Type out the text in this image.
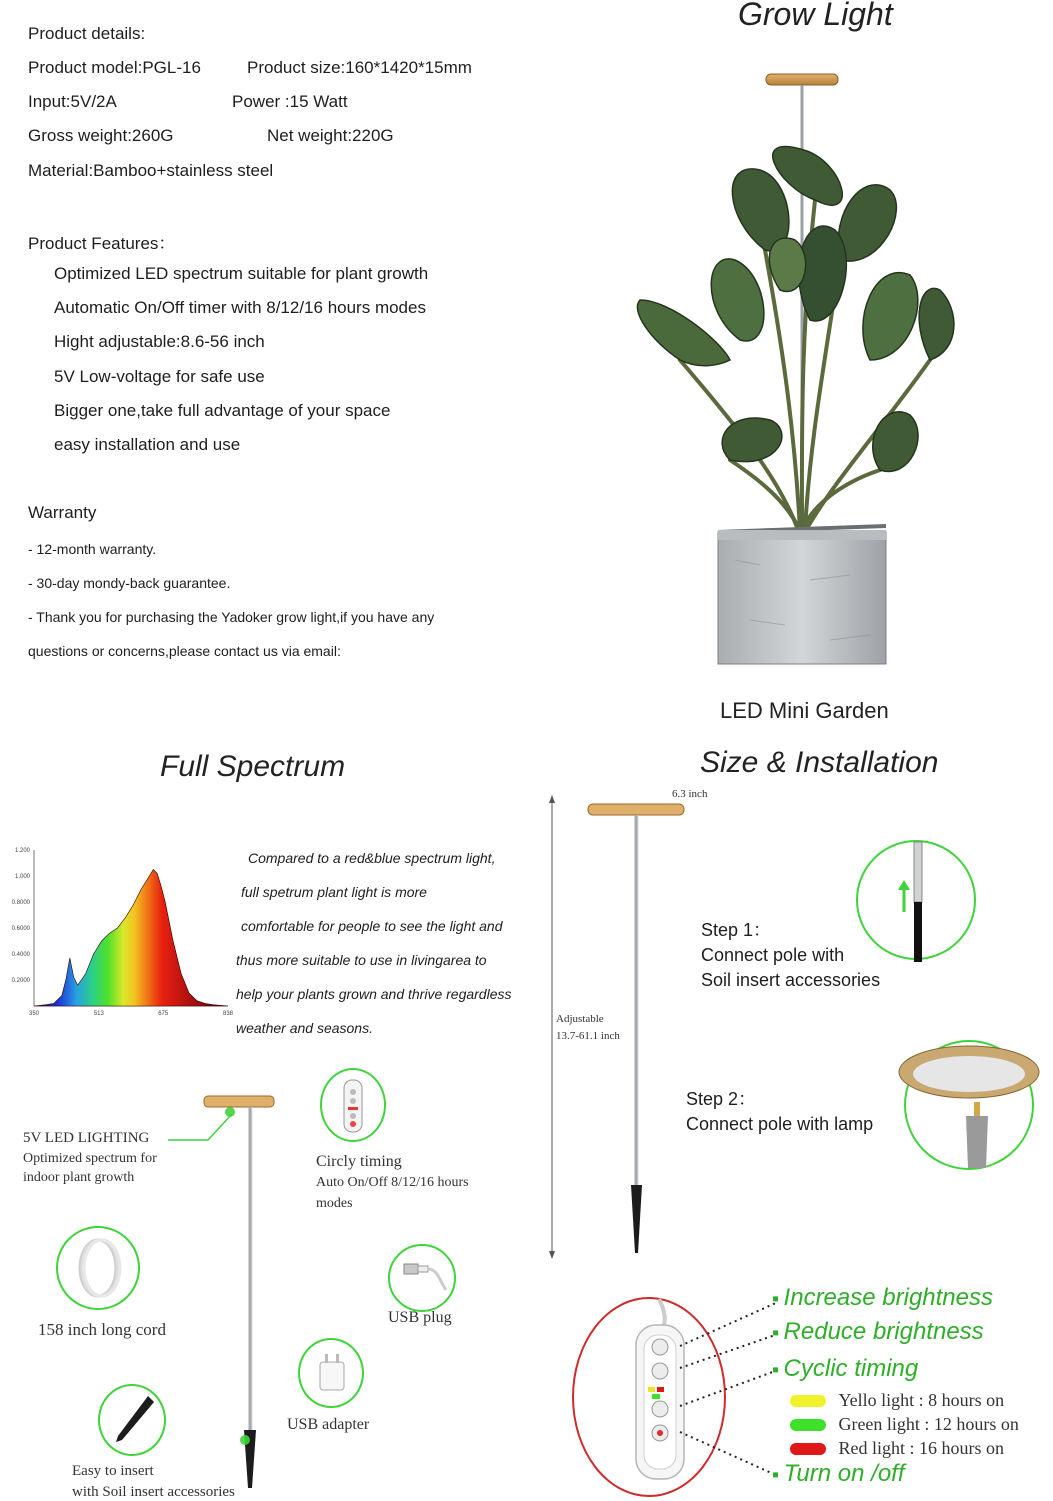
Product details:
Product model:PGL-16	Product size:160*1420*15mm
Input:5V/2A	Power :15 Watt
Gross weight:260G	Net weight:220G
Material:Bamboo+stainless steel
Product Features：
Optimized LED spectrum suitable for plant growth
Automatic On/Off timer with 8/12/16 hours modes
Hight adjustable:8.6-56 inch
5V Low-voltage for safe use
Bigger one,take full advantage of your space
easy installation and use
Warranty
- 12-month warranty.
- 30-day mondy-back guarantee.
- Thank you for purchasing the Yadoker grow light,if you have any
questions or concerns,please contact us via email:
Grow Light
LED Mini Garden
Full Spectrum
0.2000
0.4000
0.6000
0.8000
1.000
1.200
350	513	675	838
Compared to a red&blue spectrum light,
full spetrum plant light is more
comfortable for people to see the light and
thus more suitable to use in livingarea to
help your plants grown and thrive regardless
weather and seasons.
5V LED LIGHTING
Optimized spectrum for
indoor plant growth
Circly timing
Auto On/Off 8/12/16 hours
modes
158 inch long cord
USB plug
USB adapter
Easy to insert
with Soil insert accessories
Size & Installation
6.3 inch
Adjustable
13.7-61.1 inch
Step 1：
Connect pole with
Soil insert accessories
Step 2：
Connect pole with lamp
▪ Increase brightness
▪ Reduce brightness
▪ Cyclic timing
Yello light : 8 hours on
Green light : 12 hours on
Red light : 16 hours on
▪ Turn on /off
